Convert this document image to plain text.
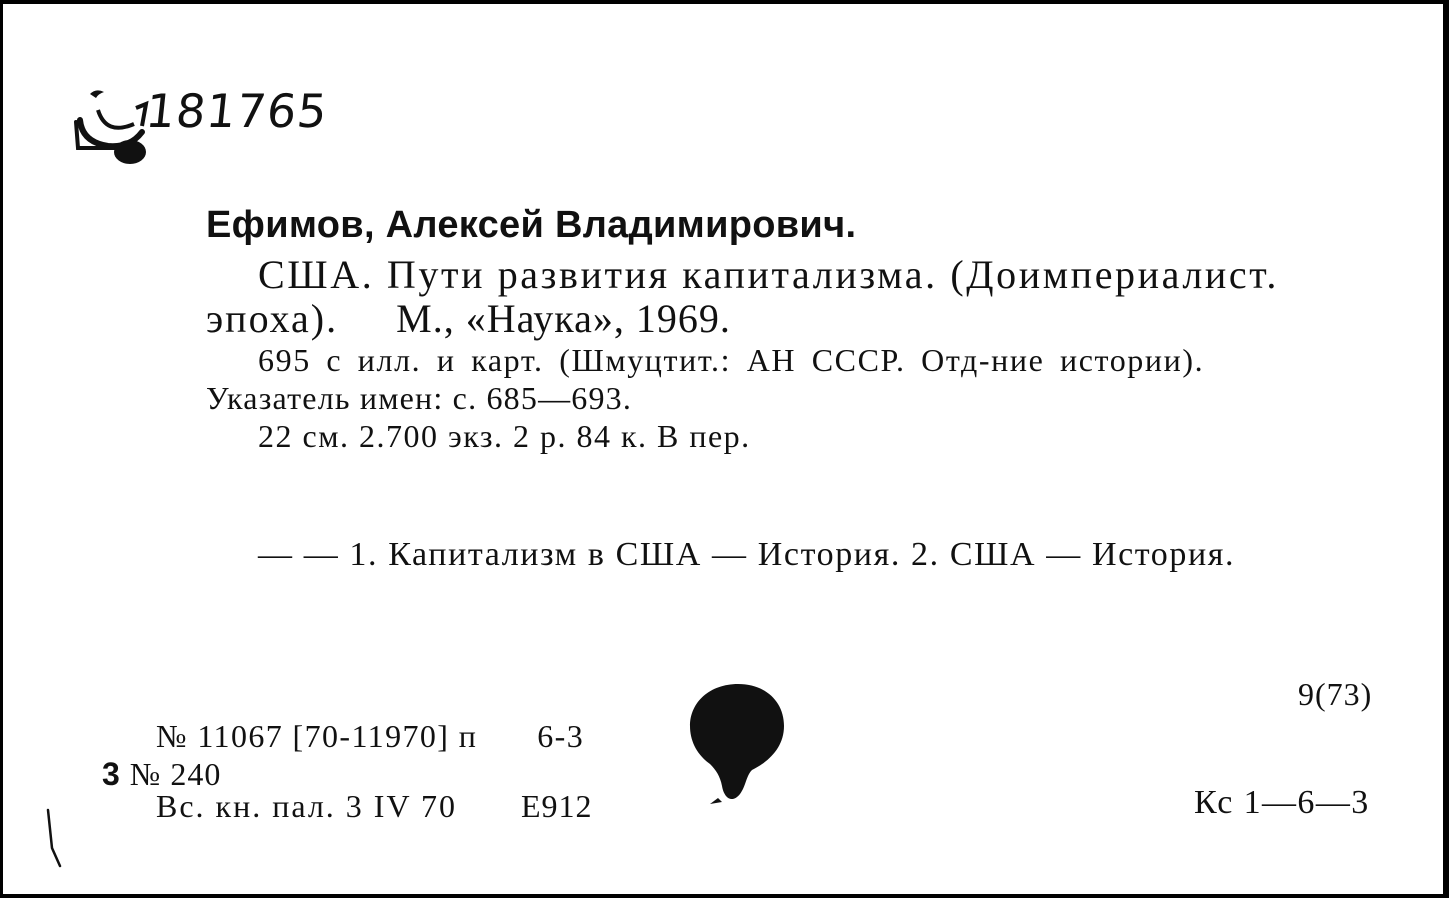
181765
Ефимов, Алексей Владимирович.
США. Пути развития капитализма. (Доимпериалист.
эпоха). М., «Наука», 1969.
695 с илл. и карт. (Шмуцтит.: АН СССР. Отд-ние истории).
Указатель имен: с. 685—693.
22 см. 2.700 экз. 2 р. 84 к. В пер.
— — 1. Капитализм в США — История. 2. США — История.
9(73)
№ 11067 [70-11970] п 6-3
3 № 240
Вс. кн. пал. 3 IV 70 Е912	Кс 1—6—3
